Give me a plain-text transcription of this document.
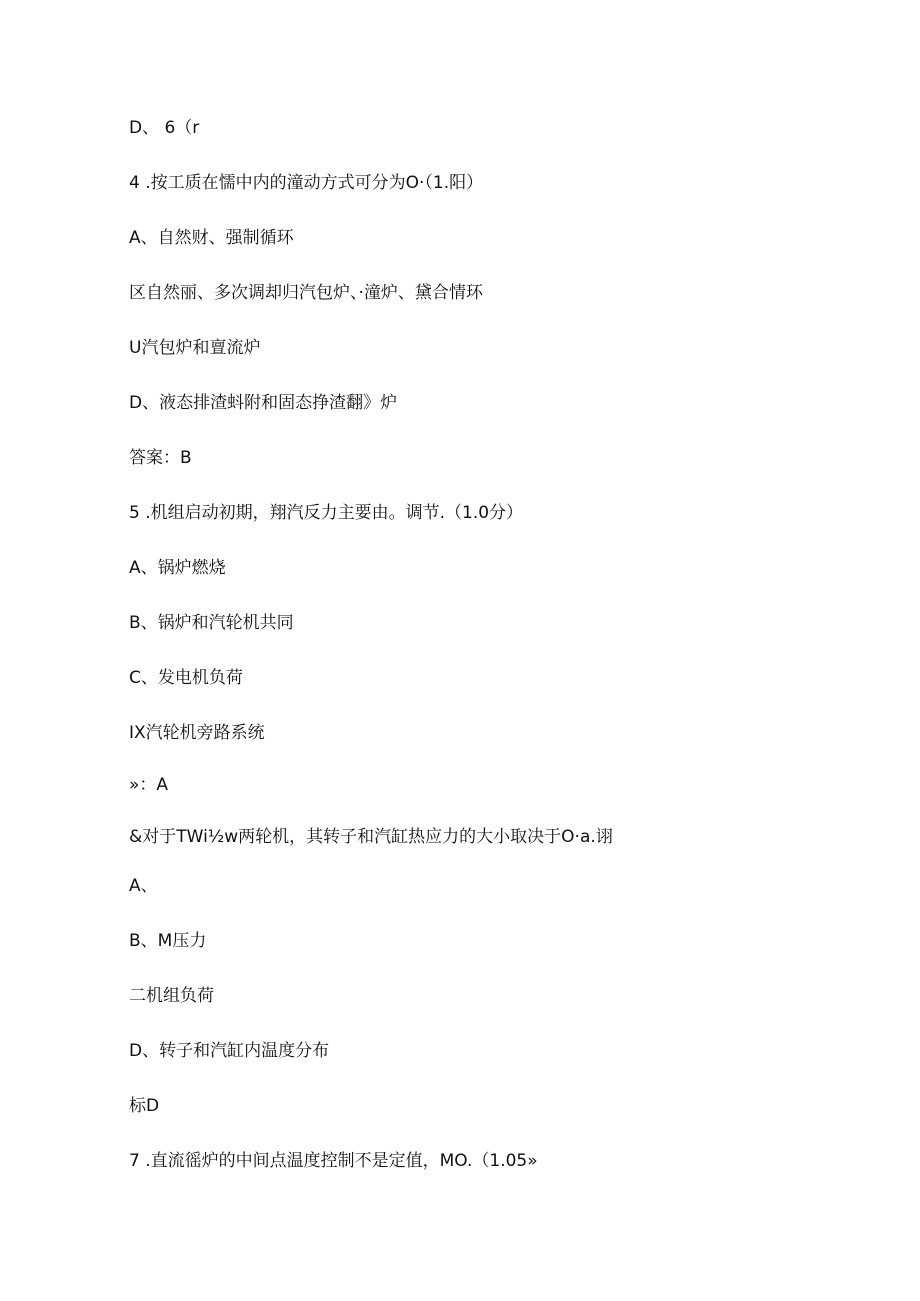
D、 6（r
4 .按工质在懦中内的潼动方式可分为O·（1.阳）
A、自然财、强制循环
区自然丽、多次调却归汽包炉、·潼炉、黛合情环
U汽包炉和亶流炉
D、液态排渣蚪附和固态挣渣翻》炉
答案：B
5 .机组启动初期，翔汽反力主要由。调节.（1.0分）
A、锅炉燃烧
B、锅炉和汽轮机共同
C、发电机负荷
IX汽轮机旁路系统
»：A
&对于TWi½w两轮机，其转子和汽缸热应力的大小取决于O·a.诩
A、
B、M压力
二机组负荷
D、转子和汽缸内温度分布
标D
7 .直流徭炉的中间点温度控制不是定值，MO.（1.05»
